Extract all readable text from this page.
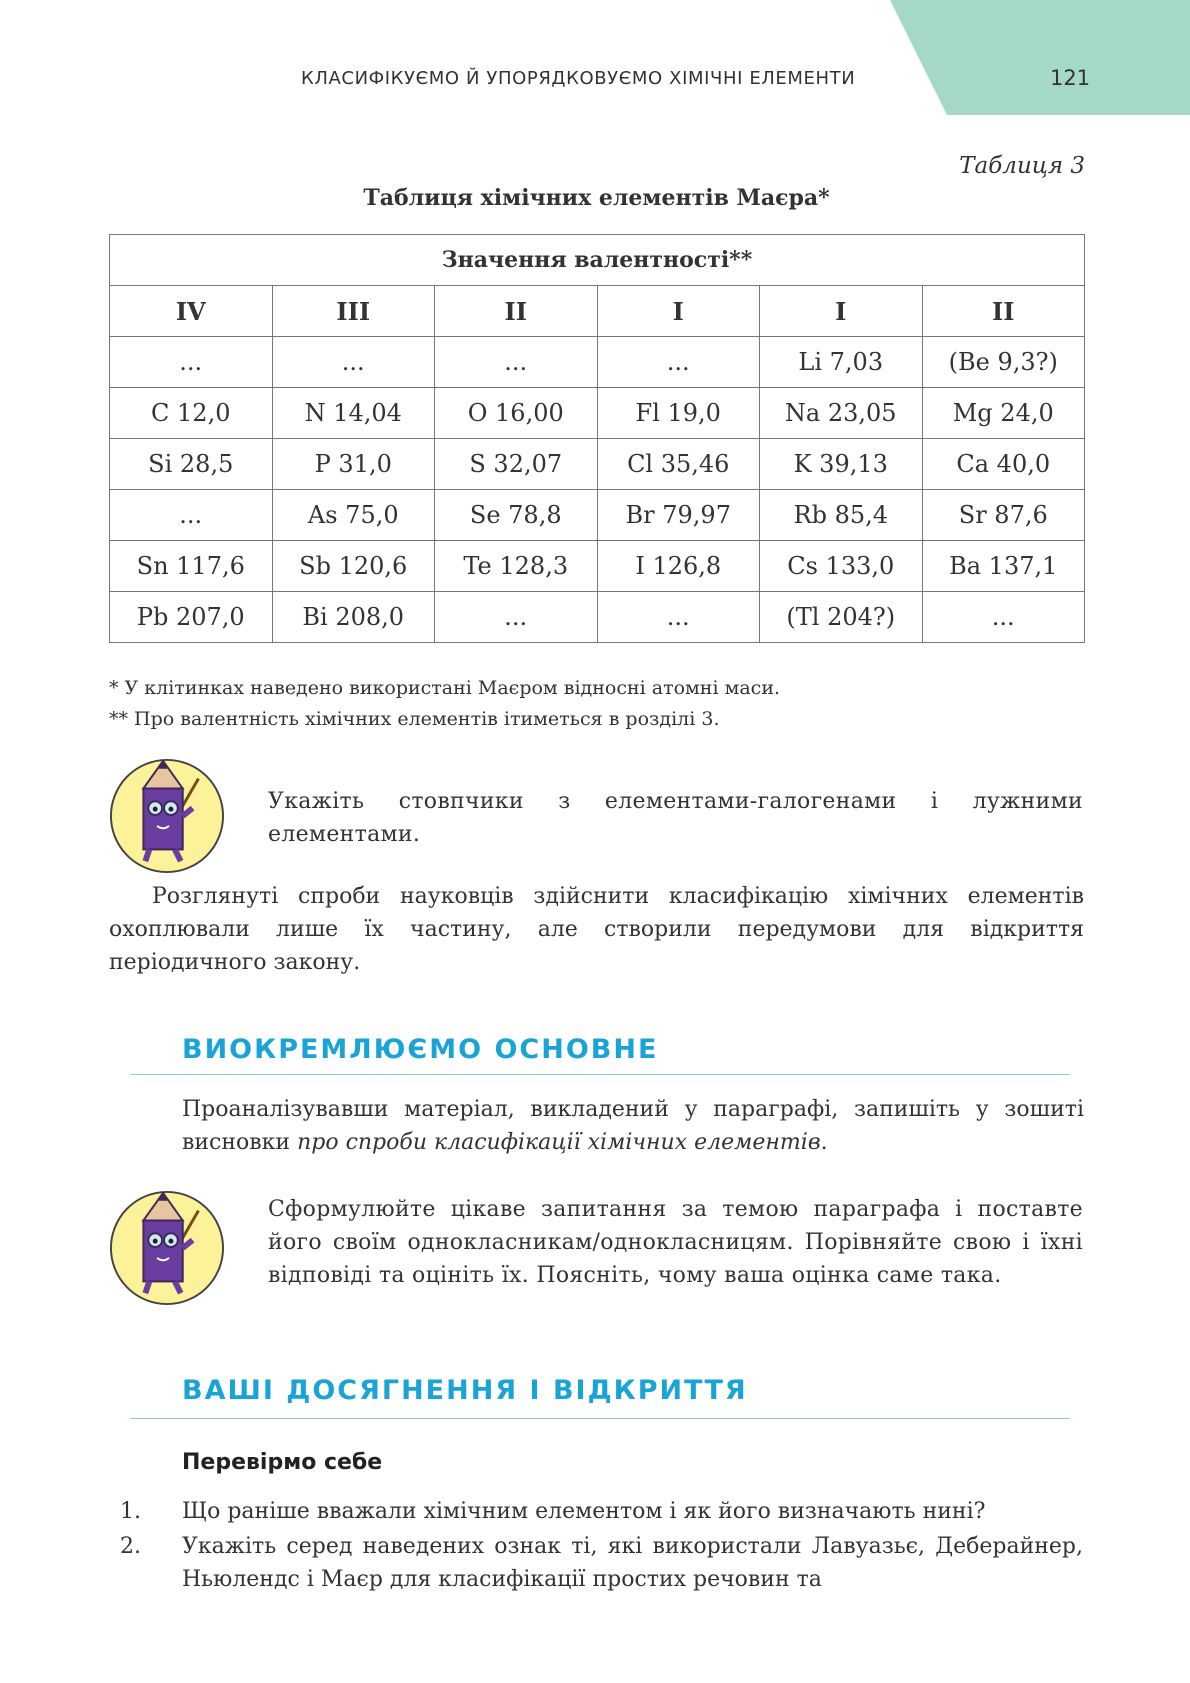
КЛАСИФІКУЄМО Й УПОРЯДКОВУЄМО ХІМІЧНІ ЕЛЕМЕНТИ	121
Таблиця 3
Таблиця хімічних елементів Маєра*
Значення валентності**					
IV	III	II	I	I	II
...	...	...	...	Li 7,03	(Be 9,3?)
C 12,0	N 14,04	O 16,00	Fl 19,0	Na 23,05	Mg 24,0
Si 28,5	P 31,0	S 32,07	Cl 35,46	K 39,13	Ca 40,0
...	As 75,0	Se 78,8	Br 79,97	Rb 85,4	Sr 87,6
Sn 117,6	Sb 120,6	Te 128,3	I 126,8	Cs 133,0	Ba 137,1
Pb 207,0	Bi 208,0	...	...	(Tl 204?)	...
* У клітинках наведено використані Маєром відносні атомні маси.
** Про валентність хімічних елементів ітиметься в розділі 3.
Укажіть стовпчики з елементами-галогенами і лужними елементами.
Розглянуті спроби науковців здійснити класифікацію хімічних елементів охоплювали лише їх частину, але створили передумови для відкриття періодичного закону.
ВИОКРЕМЛЮЄМО ОСНОВНЕ
Проаналізувавши матеріал, викладений у параграфі, запишіть у зошиті висновки про спроби класифікації хімічних елементів.
Сформулюйте цікаве запитання за темою параграфа і поставте його своїм однокласникам/однокласницям. Порівняйте свою і їхні відповіді та оцініть їх. Поясніть, чому ваша оцінка саме така.
ВАШІ ДОСЯГНЕННЯ І ВІДКРИТТЯ
Перевірмо себе
1. Що раніше вважали хімічним елементом і як його визначають нині?
2. Укажіть серед наведених ознак ті, які використали Лавуазьє, Деберайнер, Ньюлендс і Маєр для класифікації простих речовин та
